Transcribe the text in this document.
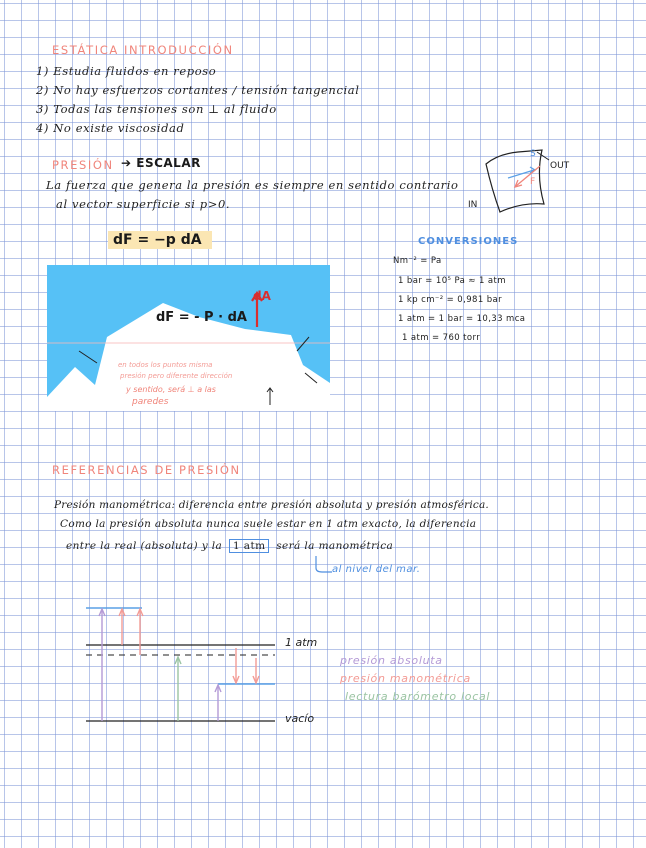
ESTÁTICA INTRODUCCIÓN
1) Estudia fluidos en reposo
2) No hay esfuerzos cortantes / tensión tangencial
3) Todas las tensiones son ⊥ al fluido
4) No existe viscosidad
PRESIÓN ➔ ESCALAR
La fuerza que genera la presión es siempre en sentido contrario
al vector superficie si p>0.	IN
OUT
S
F
dF = −p dA
dF = - P · dA
dA
en todos los puntos misma
presión pero diferente dirección
y sentido, será ⊥ a las
paredes
CONVERSIONES
Nm⁻² = Pa
1 bar = 10⁵ Pa ≈ 1 atm
1 kp cm⁻² = 0,981 bar
1 atm = 1 bar = 10,33 mca
1 atm = 760 torr
REFERENCIAS DE PRESIÓN
Presión manométrica: diferencia entre presión absoluta y presión atmosférica.
Como la presión absoluta nunca suele estar en 1 atm exacto, la diferencia
entre la real (absoluta) y la 1 atm será la manométrica
al nivel del mar.
1 atm
vacío
presión absoluta
presión manométrica
lectura barómetro local
